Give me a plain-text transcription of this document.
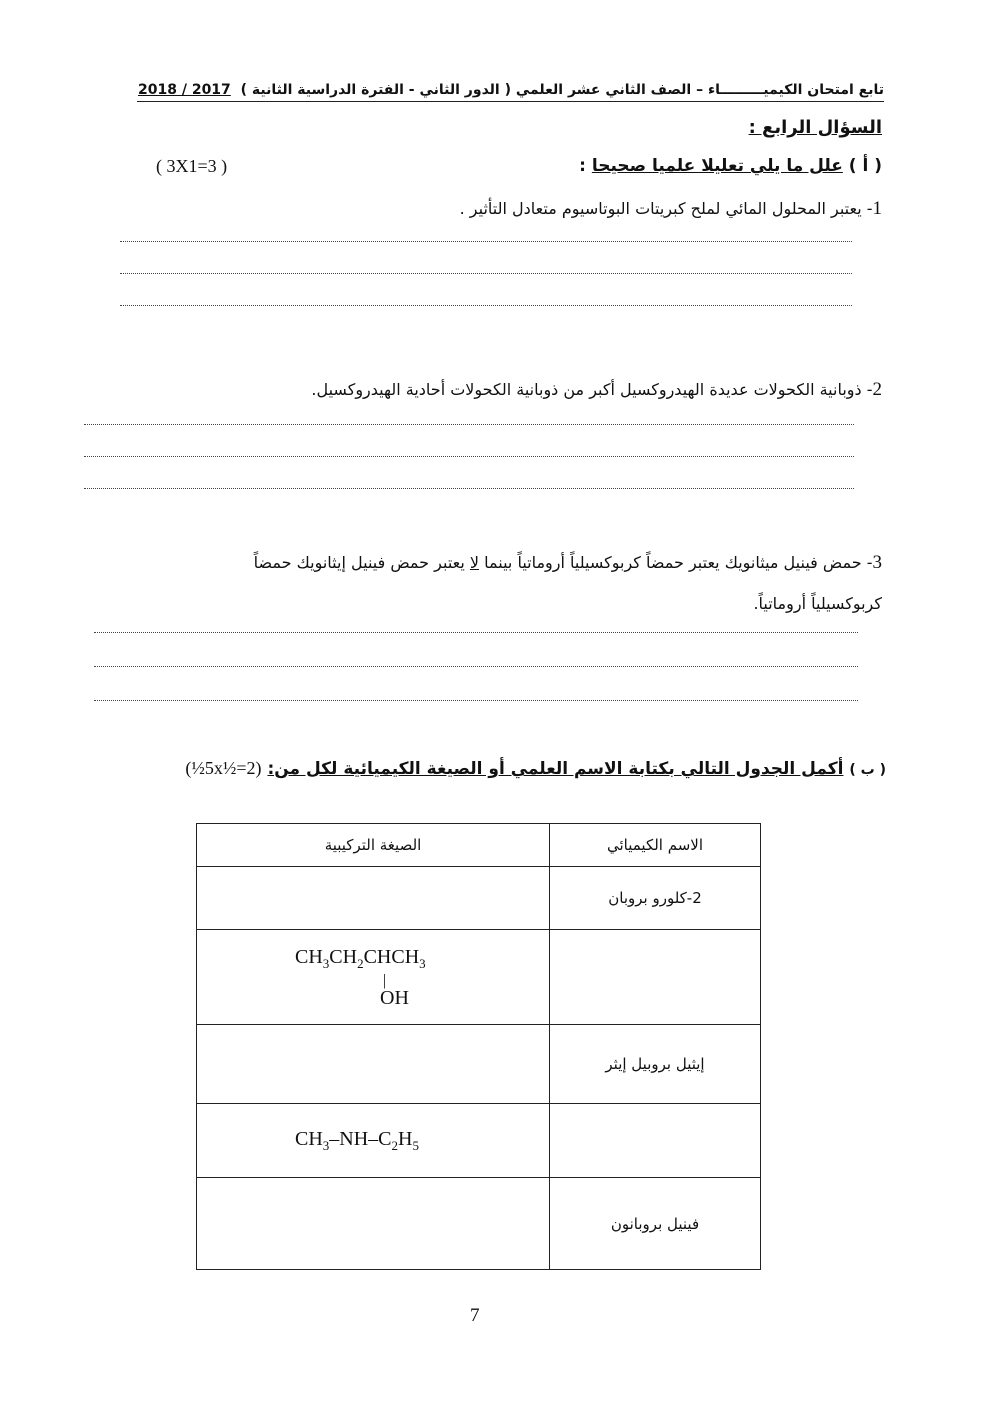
تابع امتحان الكيميـــــــــاء – الصف الثاني عشر العلمي ( الدور الثاني - الفترة الدراسية الثانية )
2018 / 2017
السؤال الرابع :
( أ ) علل ما يلي تعليلا علميا صحيحا :
( 3X1=3 )
1- يعتبر المحلول المائي لملح كبريتات البوتاسيوم متعادل التأثير .
2- ذوبانية الكحولات عديدة الهيدروكسيل أكبر من ذوبانية الكحولات أحادية الهيدروكسيل.
3- حمض فينيل ميثانويك يعتبر حمضاً كربوكسيلياً أروماتياً بينما لا يعتبر حمض فينيل إيثانويك حمضاً
كربوكسيلياً أروماتياً.
( ب ) أكمل الجدول التالي بكتابة الاسم العلمي أو الصيغة الكيميائية لكل من: (5x½=2½)
الاسم الكيميائي	الصيغة التركيبية
2-كلورو بروبان	

	$CH_3CH_2CHCH_3$
|
OH

إيثيل بروبيل إيثر	

	$CH_3-NH-C_2H_5$

فينيل بروبانون	
7
